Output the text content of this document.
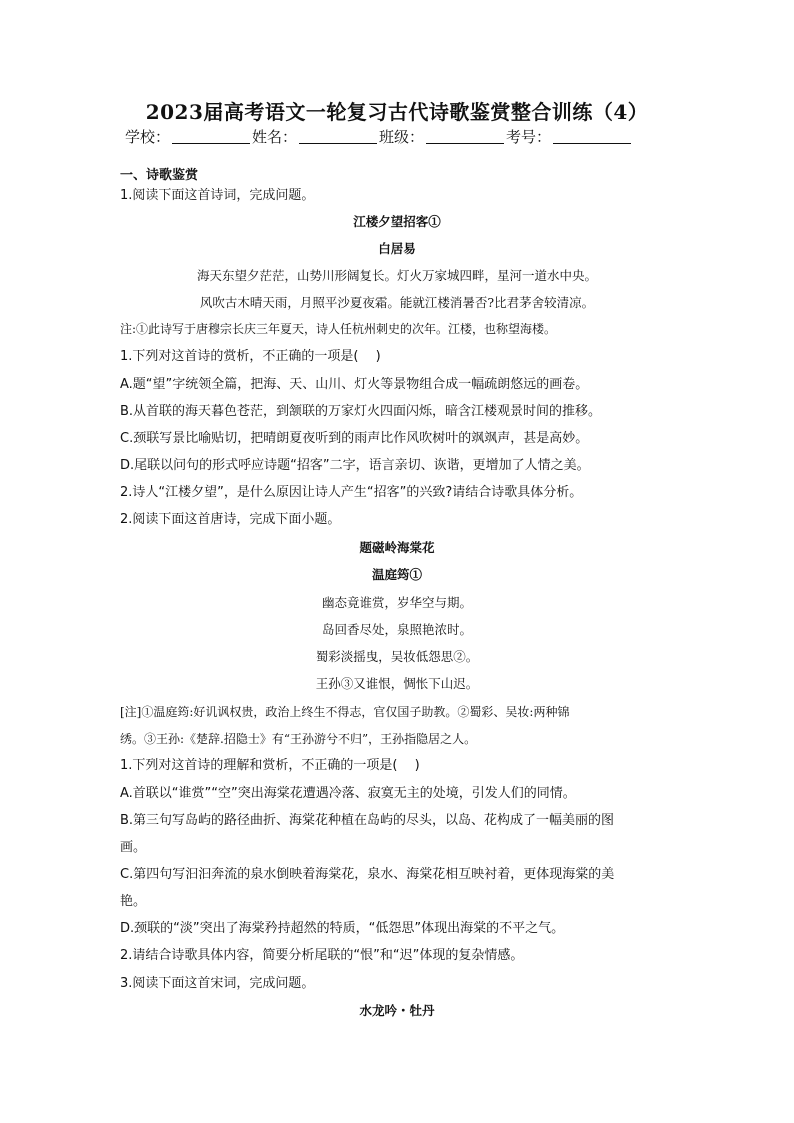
2023届高考语文一轮复习古代诗歌鉴赏整合训练（4）
学校：	姓名：	班级：	考号：
一、诗歌鉴赏
1.阅读下面这首诗词，完成问题。
江楼夕望招客①
白居易
海天东望夕茫茫，山势川形阔复长。灯火万家城四畔，星河一道水中央。
风吹古木晴天雨，月照平沙夏夜霜。能就江楼消暑否?比君茅舍较清凉。
注:①此诗写于唐穆宗长庆三年夏天，诗人任杭州刺史的次年。江楼，也称望海楼。
1.下列对这首诗的赏析，不正确的一项是(　 )
A.题“望”字统领全篇，把海、天、山川、灯火等景物组合成一幅疏朗悠远的画卷。
B.从首联的海天暮色苍茫，到颔联的万家灯火四面闪烁，暗含江楼观景时间的推移。
C.颈联写景比喻贴切，把晴朗夏夜听到的雨声比作风吹树叶的飒飒声，甚是高妙。
D.尾联以问句的形式呼应诗题“招客”二字，语言亲切、诙谐，更增加了人情之美。
2.诗人“江楼夕望”，是什么原因让诗人产生“招客”的兴致?请结合诗歌具体分析。
2.阅读下面这首唐诗，完成下面小题。
题磁岭海棠花
温庭筠①
幽态竟谁赏，岁华空与期。
岛回香尽处，泉照艳浓时。
蜀彩淡摇曳，吴妆低怨思②。
王孙③又谁恨，惆怅下山迟。
[注]①温庭筠:好讥讽权贵，政治上终生不得志，官仅国子助教。②蜀彩、吴妆:两种锦
绣。③王孙:《楚辞.招隐士》有“王孙游兮不归”，王孙指隐居之人。
1.下列对这首诗的理解和赏析，不正确的一项是(　 )
A.首联以“谁赏”“空”突出海棠花遭遇冷落、寂寞无主的处境，引发人们的同情。
B.第三句写岛屿的路径曲折、海棠花种植在岛屿的尽头，以岛、花构成了一幅美丽的图
画。
C.第四句写汩汩奔流的泉水倒映着海棠花，泉水、海棠花相互映衬着，更体现海棠的美
艳。
D.颈联的“淡”突出了海棠矜持超然的特质，“低怨思”体现出海棠的不平之气。
2.请结合诗歌具体内容，简要分析尾联的“恨”和“迟”体现的复杂情感。
3.阅读下面这首宋词，完成问题。
水龙吟・牡丹
